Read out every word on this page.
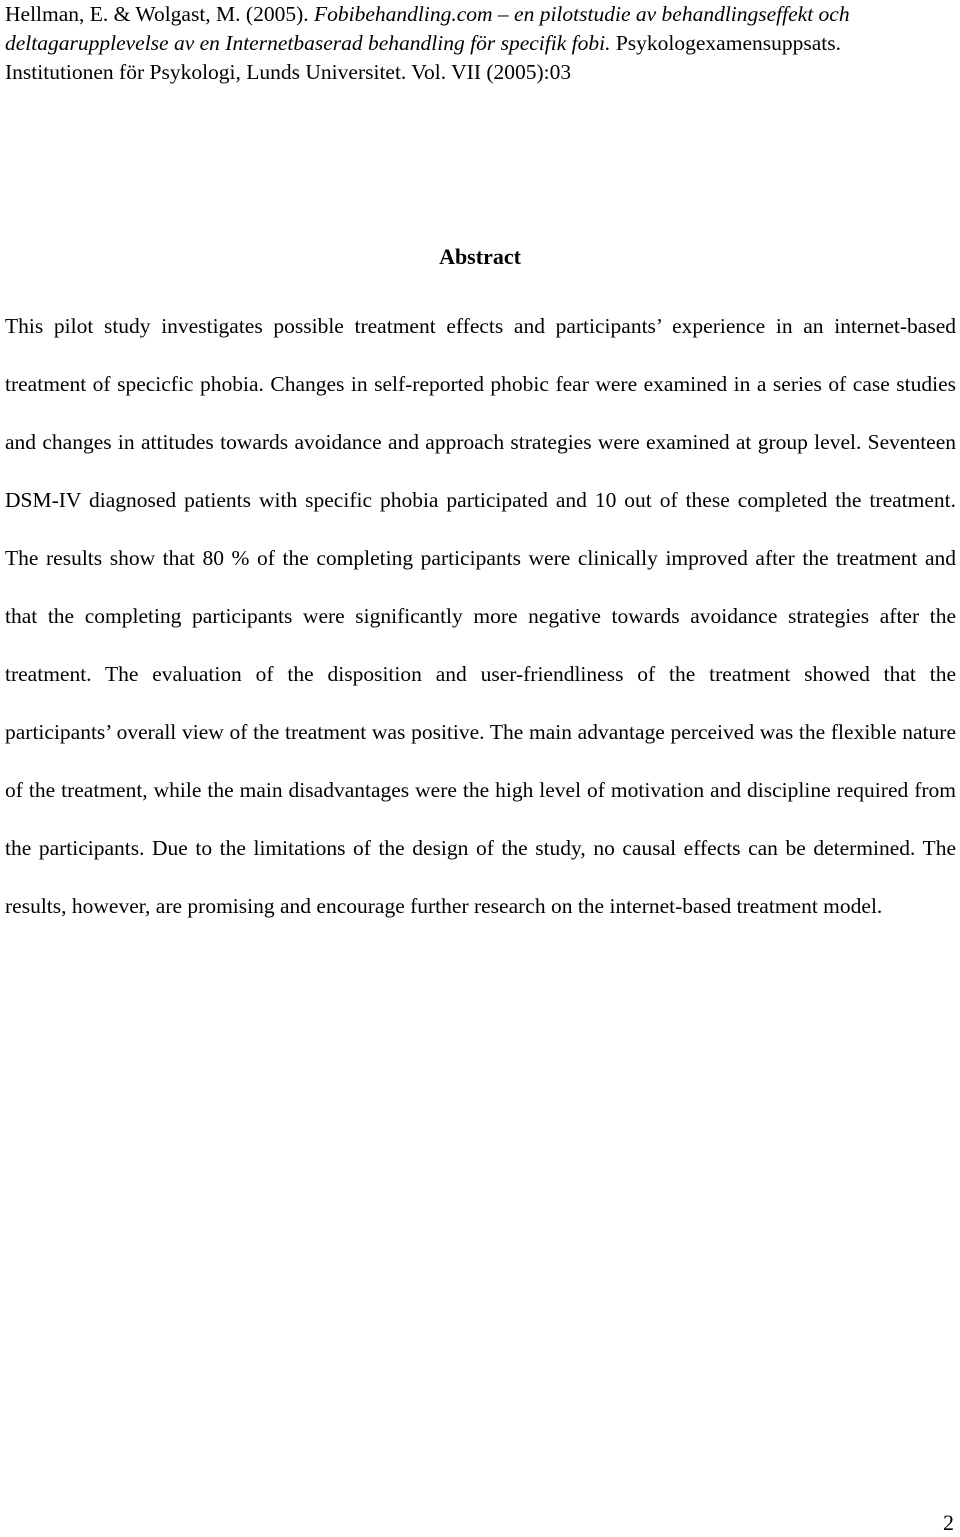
Hellman, E. & Wolgast, M. (2005). Fobibehandling.com – en pilotstudie av behandlingseffekt och deltagarupplevelse av en Internetbaserad behandling för specifik fobi. Psykologexamensuppsats. Institutionen för Psykologi, Lunds Universitet. Vol. VII (2005):03

Abstract

This pilot study investigates possible treatment effects and participants’ experience in an internet-based treatment of specicfic phobia. Changes in self-reported phobic fear were examined in a series of case studies and changes in attitudes towards avoidance and approach strategies were examined at group level. Seventeen DSM-IV diagnosed patients with specific phobia participated and 10 out of these completed the treatment. The results show that 80 % of the completing participants were clinically improved after the treatment and that the completing participants were significantly more negative towards avoidance strategies after the treatment. The evaluation of the disposition and user-friendliness of the treatment showed that the participants’ overall view of the treatment was positive. The main advantage perceived was the flexible nature of the treatment, while the main disadvantages were the high level of motivation and discipline required from the participants. Due to the limitations of the design of the study, no causal effects can be determined. The results, however, are promising and encourage further research on the internet-based treatment model.

2
